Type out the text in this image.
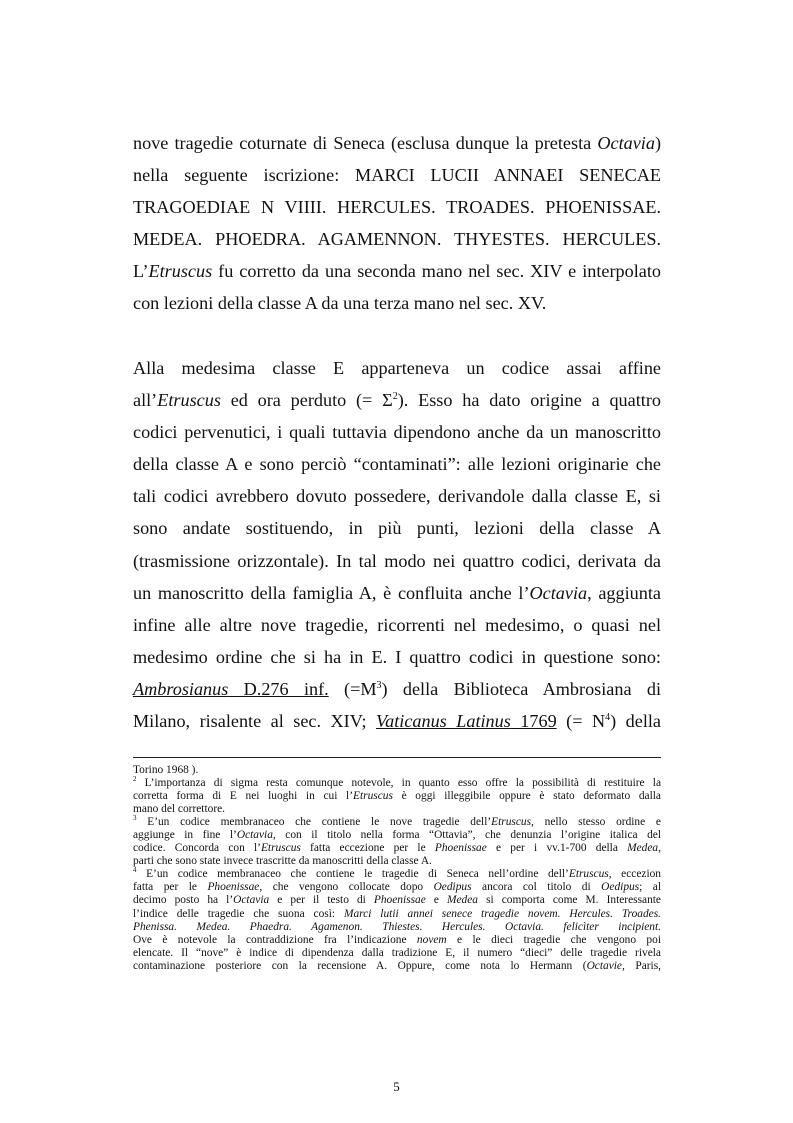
nove tragedie coturnate di Seneca (esclusa dunque la pretesta Octavia)
nella seguente iscrizione: MARCI LUCII ANNAEI SENECAE
TRAGOEDIAE N VIIII. HERCULES. TROADES. PHOENISSAE.
MEDEA. PHOEDRA. AGAMENNON. THYESTES. HERCULES.
L’Etruscus fu corretto da una seconda mano nel sec. XIV e interpolato
con lezioni della classe A da una terza mano nel sec. XV.
Alla medesima classe E apparteneva un codice assai affine
all’Etruscus ed ora perduto (= $\Sigma^2$). Esso ha dato origine a quattro
codici pervenutici, i quali tuttavia dipendono anche da un manoscritto
della classe A e sono perciò “contaminati”: alle lezioni originarie che
tali codici avrebbero dovuto possedere, derivandole dalla classe E, si
sono andate sostituendo, in più punti, lezioni della classe A
(trasmissione orizzontale). In tal modo nei quattro codici, derivata da
un manoscritto della famiglia A, è confluita anche l’Octavia, aggiunta
infine alle altre nove tragedie, ricorrenti nel medesimo, o quasi nel
medesimo ordine che si ha in E. I quattro codici in questione sono:
Ambrosianus D.276 inf. $(=M^3)$ della Biblioteca Ambrosiana di
Milano, risalente al sec. XIV; Vaticanus Latinus 1769 (= $N^4$) della
Torino 1968 ).
$^2$ L’importanza di sigma resta comunque notevole, in quanto esso offre la possibilità di restituire la
corretta forma di E nei luoghi in cui l’Etruscus è oggi illeggibile oppure è stato deformato dalla
mano del correttore.
$^3$ E’un codice membranaceo che contiene le nove tragedie dell’Etruscus, nello stesso ordine e
aggiunge in fine l’Octavia, con il titolo nella forma “Ottavia”, che denunzia l’origine italica del
codice. Concorda con l’Etruscus fatta eccezione per le Phoenissae e per i vv.1-700 della Medea,
parti che sono state invece trascritte da manoscritti della classe A.
$^4$ E’un codice membranaceo che contiene le tragedie di Seneca nell’ordine dell’Etruscus, eccezion
fatta per le Phoenissae, che vengono collocate dopo Oedipus ancora col titolo di Oedipus; al
decimo posto ha l’Octavia e per il testo di Phoenissae e Medea si comporta come M. Interessante
l’indice delle tragedie che suona così: Marci lutii annei senece tragedie novem. Hercules. Troades.
Phenissa. Medea. Phaedra. Agamenon. Thiestes. Hercules. Octavia. felicìter incipient.
Ove è notevole la contraddizione fra l’indicazione novem e le dieci tragedie che vengono poi
elencate. Il “nove” è indice di dipendenza dalla tradizione E, il numero “dieci” delle tragedie rivela
contaminazione posteriore con la recensione A. Oppure, come nota lo Hermann (Octavie, Paris,
5
